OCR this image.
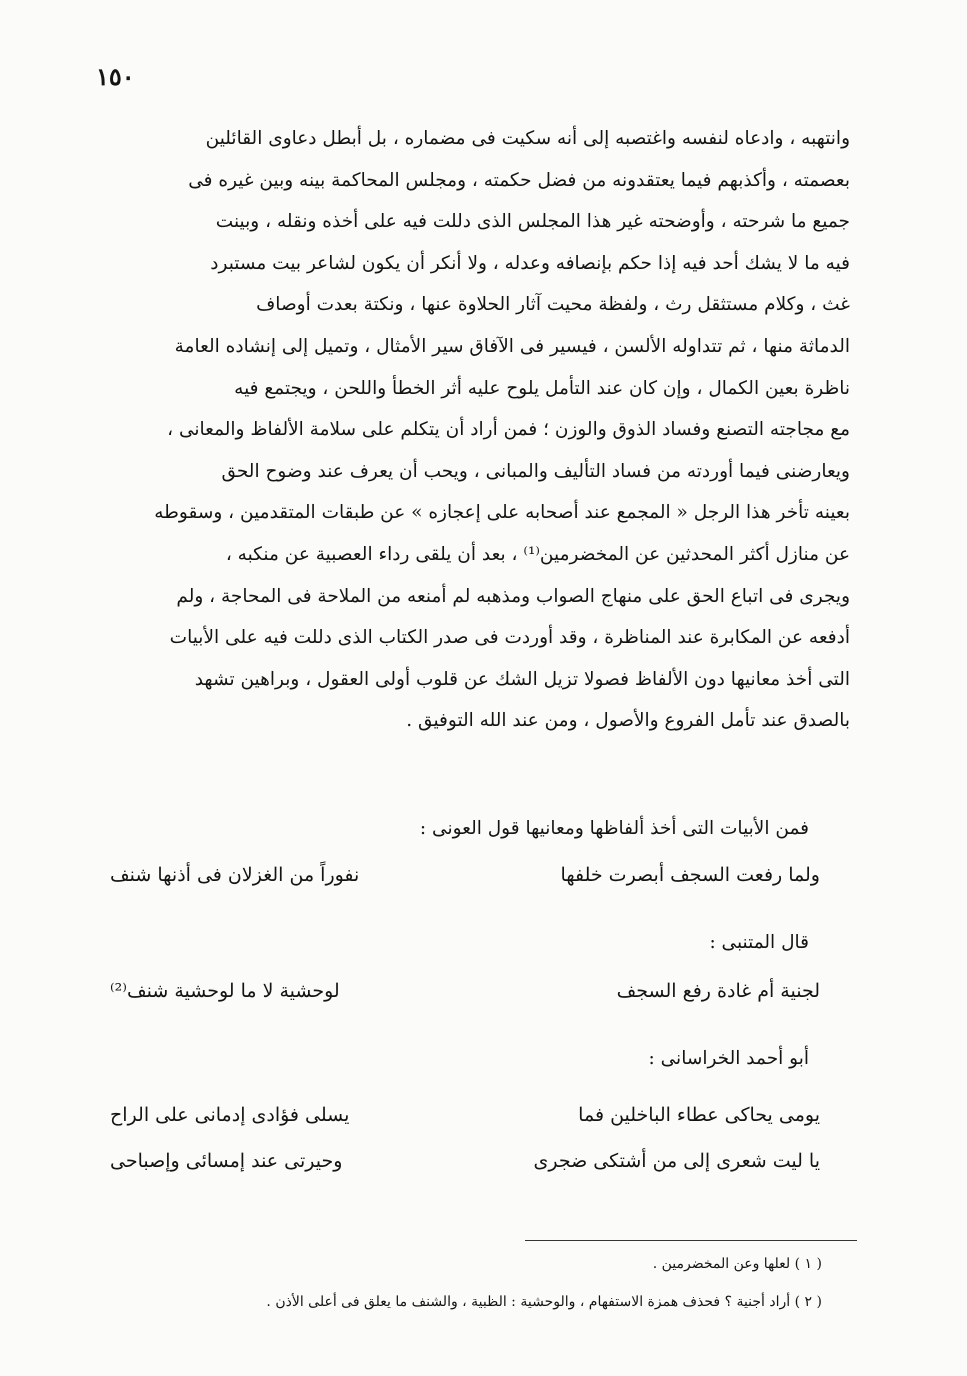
١٥٠
وانتهبه ، وادعاه لنفسه واغتصبه إلى أنه سكيت فى مضماره ، بل أبطل دعاوى القائلين
بعصمته ، وأكذبهم فيما يعتقدونه من فضل حكمته ، ومجلس المحاكمة بينه وبين غيره فى
جميع ما شرحته ، وأوضحته غير هذا المجلس الذى دللت فيه على أخذه ونقله ، وبينت
فيه ما لا يشك أحد فيه إذا حكم بإنصافه وعدله ، ولا أنكر أن يكون لشاعر بيت مستبرد
غث ، وكلام مستثقل رث ، ولفظة محيت آثار الحلاوة عنها ، ونكتة بعدت أوصاف
الدماثة منها ، ثم تتداوله الألسن ، فيسير فى الآفاق سير الأمثال ، وتميل إلى إنشاده العامة
ناظرة بعين الكمال ، وإن كان عند التأمل يلوح عليه أثر الخطأ واللحن ، ويجتمع فيه
مع مجاجته التصنع وفساد الذوق والوزن ؛ فمن أراد أن يتكلم على سلامة الألفاظ والمعانى ،
ويعارضنى فيما أوردته من فساد التأليف والمبانى ، ويحب أن يعرف عند وضوح الحق
بعينه تأخر هذا الرجل « المجمع عند أصحابه على إعجازه » عن طبقات المتقدمين ، وسقوطه
عن منازل أكثر المحدثين عن المخضرمين⁽¹⁾ ، بعد أن يلقى رداء العصبية عن منكبه ،
ويجرى فى اتباع الحق على منهاج الصواب ومذهبه لم أمنعه من الملاحة فى المحاجة ، ولم
أدفعه عن المكابرة عند المناظرة ، وقد أوردت فى صدر الكتاب الذى دللت فيه على الأبيات
التى أخذ معانيها دون الألفاظ فصولا تزيل الشك عن قلوب أولى العقول ، وبراهين تشهد
بالصدق عند تأمل الفروع والأصول ، ومن عند الله التوفيق .
فمن الأبيات التى أخذ ألفاظها ومعانيها قول العونى :
ولما رفعت السجف أبصرت خلفها
نفوراً من الغزلان فى أذنها شنف
قال المتنبى :
لجنية أم غادة رفع السجف
لوحشية لا ما لوحشية شنف⁽²⁾
أبو أحمد الخراسانى :
يومى يحاكى عطاء الباخلين فما
يسلى فؤادى إدمانى على الراح
يا ليت شعرى إلى من أشتكى ضجرى
وحيرتى عند إمسائى وإصباحى
( ١ ) لعلها وعن المخضرمين .
( ٢ ) أراد أجنية ؟ فحذف همزة الاستفهام ، والوحشية : الظبية ، والشنف ما يعلق فى أعلى الأذن .
